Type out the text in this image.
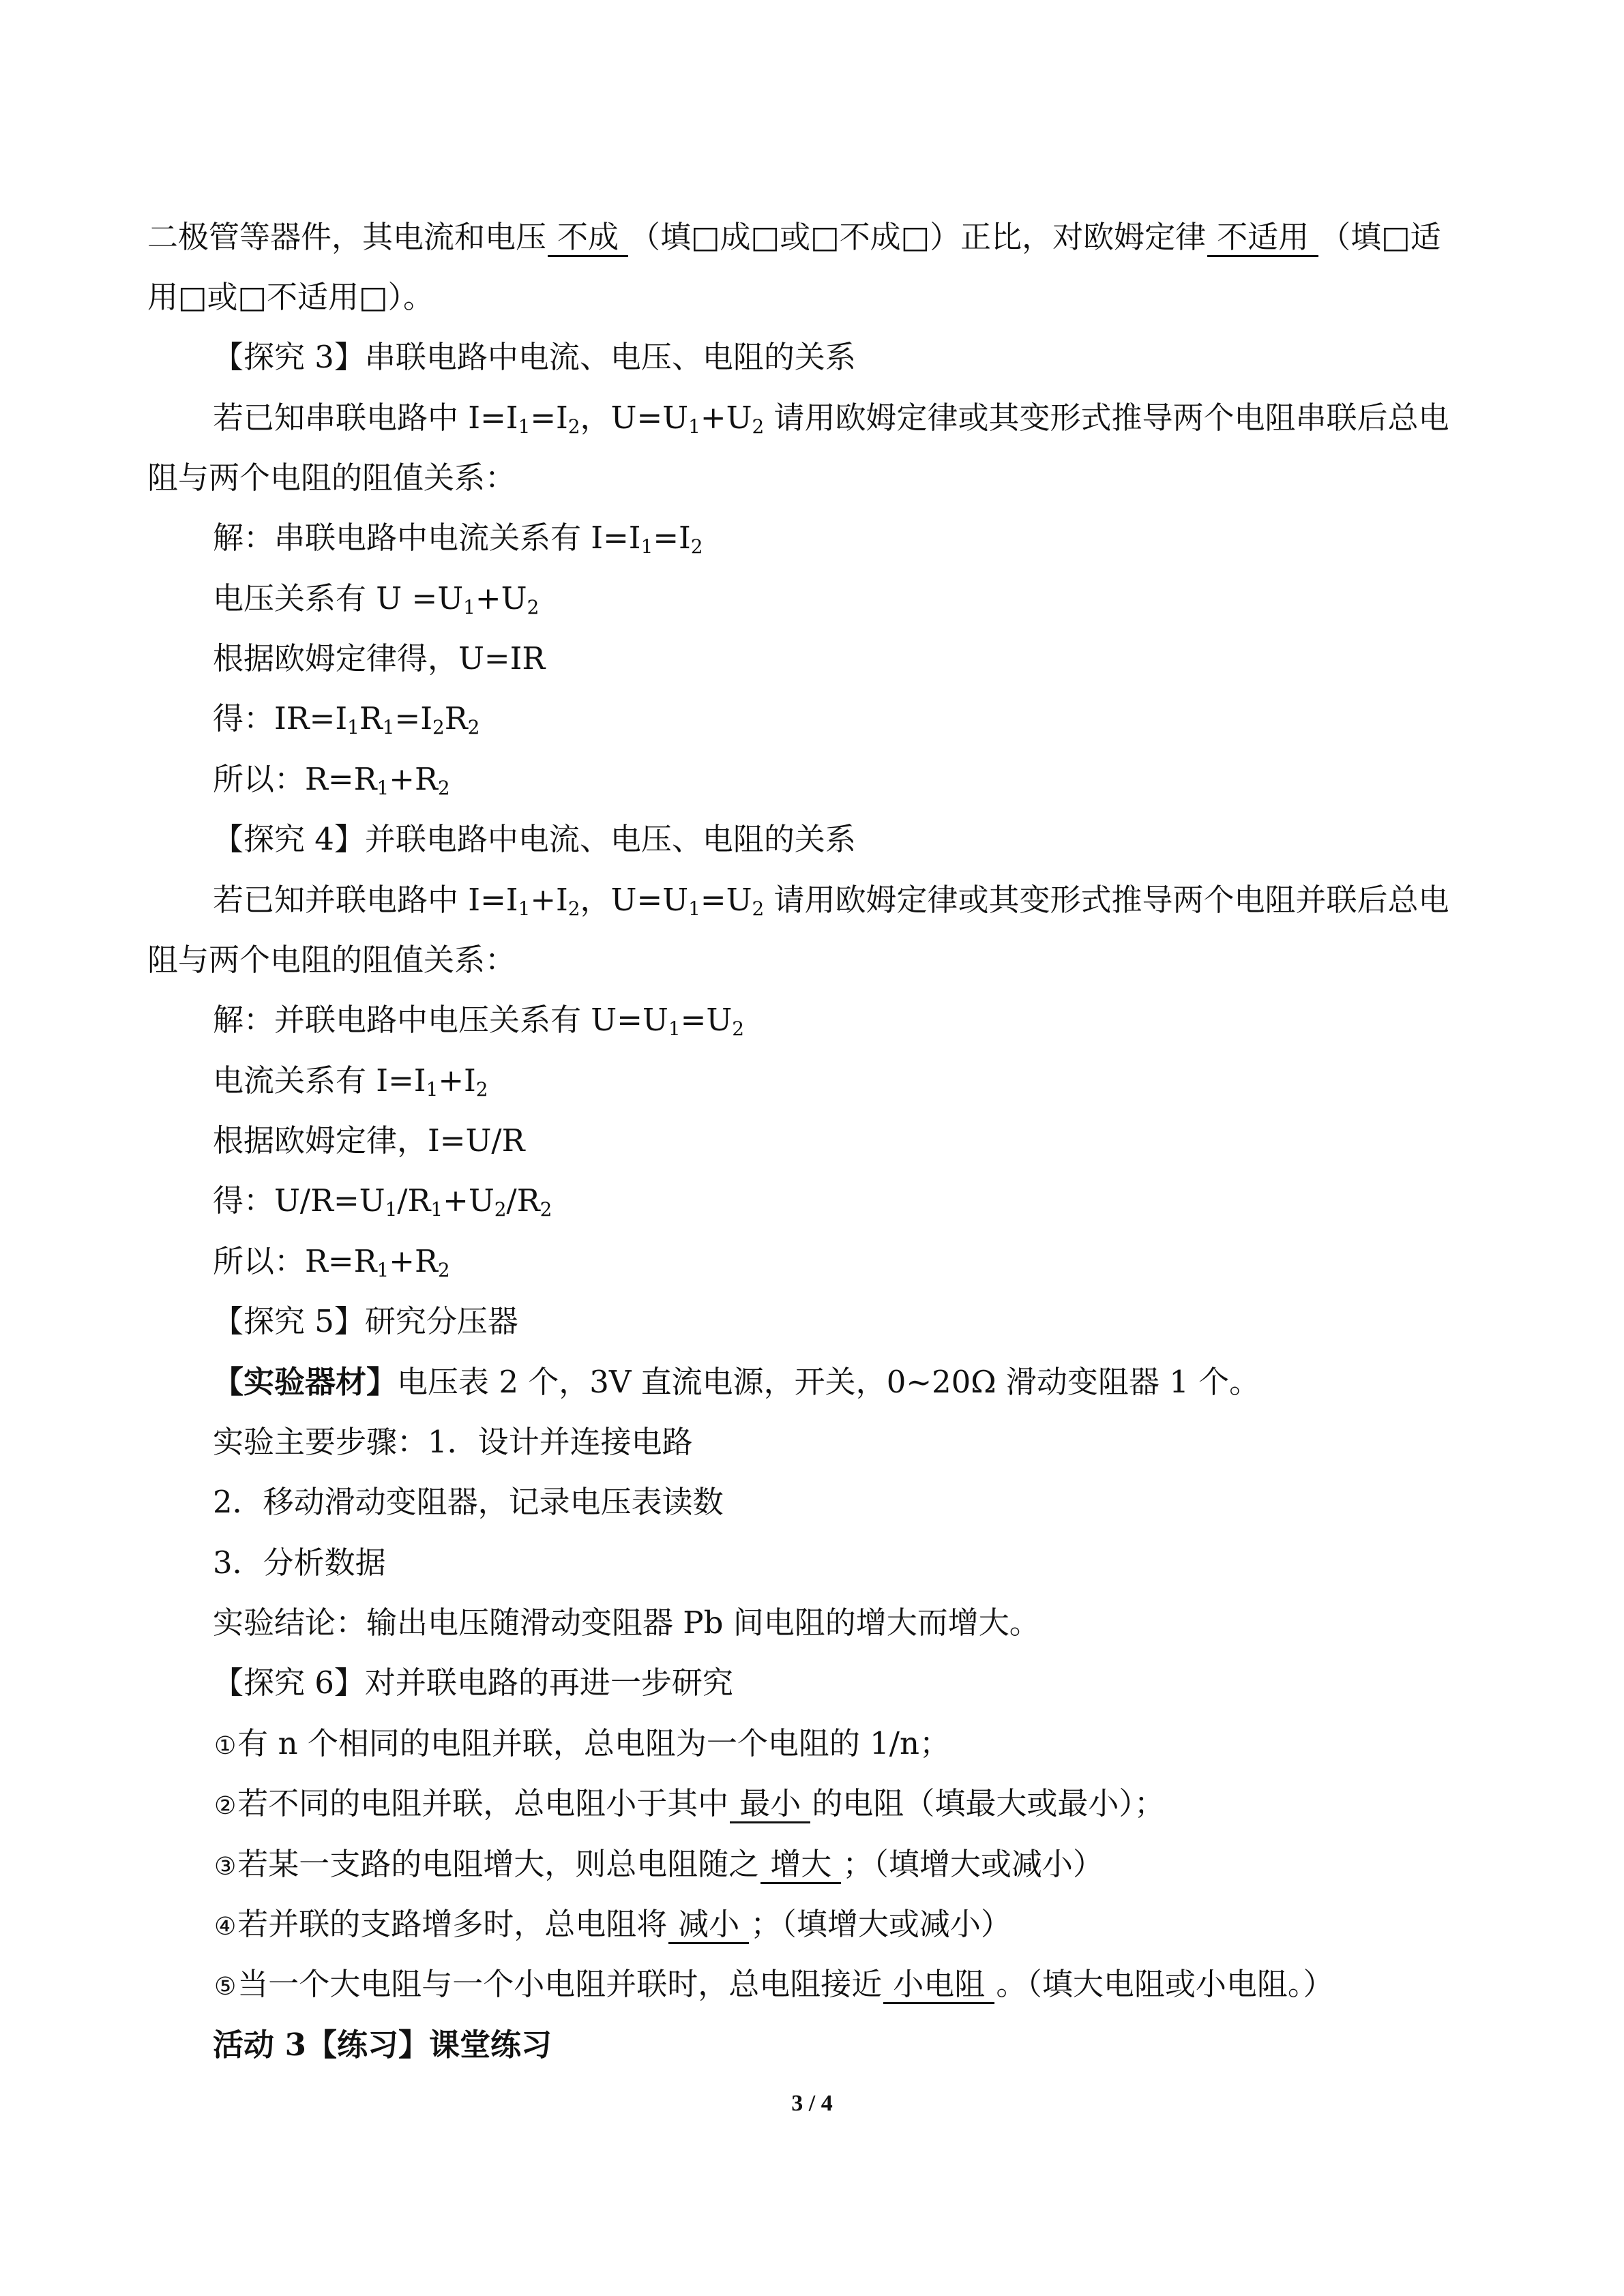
二极管等器件，其电流和电压 不成 （填□成□或□不成□）正比，对欧姆定律 不适用 （填□适
用□或□不适用□）。
【探究 3】串联电路中电流、电压、电阻的关系
若已知串联电路中 $I=I_1=I_2$，$U=U_1+U_2$ 请用欧姆定律或其变形式推导两个电阻串联后总电
阻与两个电阻的阻值关系：
解：串联电路中电流关系有 $I=I_1=I_2$
电压关系有 $U =U_1+U_2$
根据欧姆定律得，U=IR
得：$IR=I_1R_1=I_2R_2$
所以：$R=R_1+R_2$
【探究 4】并联电路中电流、电压、电阻的关系
若已知并联电路中 $I=I_1+I_2$，$U=U_1=U_2$ 请用欧姆定律或其变形式推导两个电阻并联后总电
阻与两个电阻的阻值关系：
解：并联电路中电压关系有 $U=U_1=U_2$
电流关系有 $I=I_1+I_2$
根据欧姆定律，I=U/R
得：$U/R=U_1/R_1+U_2/R_2$
所以：$R=R_1+R_2$
【探究 5】研究分压器
【实验器材】电压表 2 个，3V 直流电源，开关，0~20Ω 滑动变阻器 1 个。
实验主要步骤：1．设计并连接电路
2．移动滑动变阻器，记录电压表读数
3．分析数据
实验结论：输出电压随滑动变阻器 Pb 间电阻的增大而增大。
【探究 6】对并联电路的再进一步研究
①有 n 个相同的电阻并联，总电阻为一个电阻的 1/n；
②若不同的电阻并联，总电阻小于其中 最小 的电阻（填最大或最小）；
③若某一支路的电阻增大，则总电阻随之 增大 ；（填增大或减小）
④若并联的支路增多时，总电阻将 减小 ；（填增大或减小）
⑤当一个大电阻与一个小电阻并联时，总电阻接近 小电阻 。（填大电阻或小电阻。）
活动 3【练习】课堂练习
3 / 4
